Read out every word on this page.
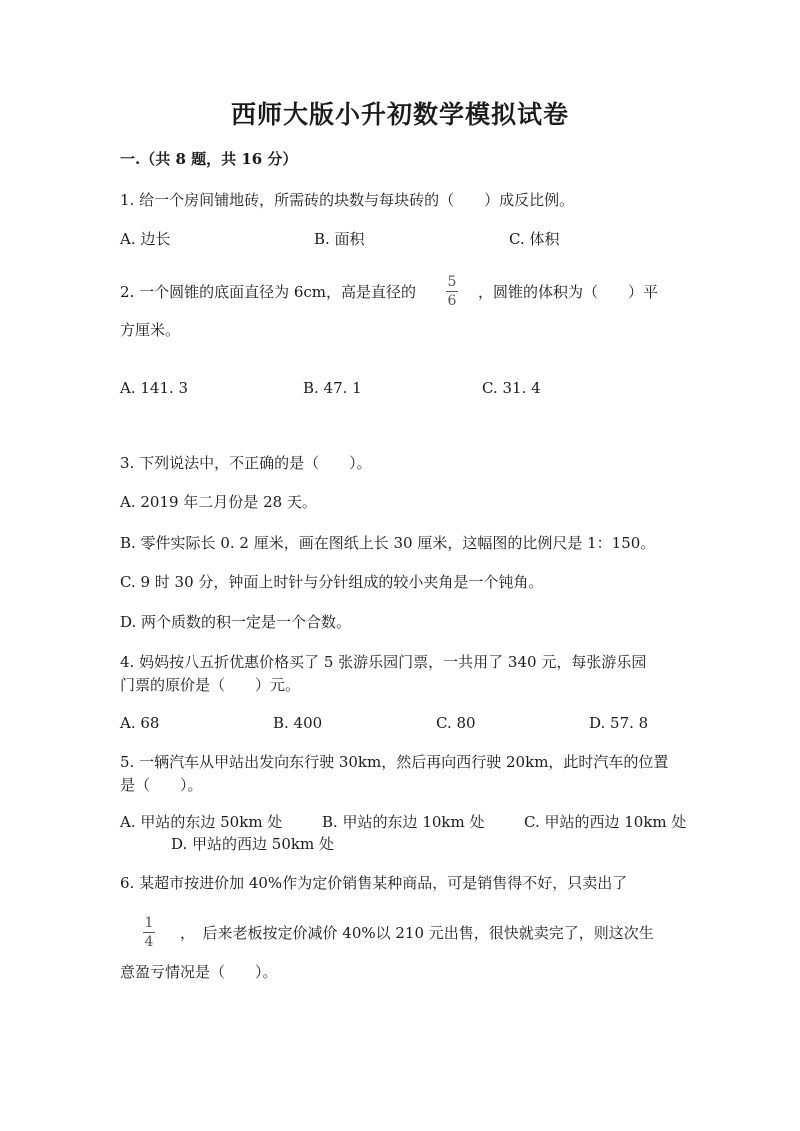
西师大版小升初数学模拟试卷
一.（共 8 题，共 16 分）
1. 给一个房间铺地砖，所需砖的块数与每块砖的（　　）成反比例。
A. 边长	B. 面积	C. 体积
2. 一个圆锥的底面直径为 6cm，高是直径的
5
6 ，圆锥的体积为（　　）平
方厘米。
A. 141. 3	B. 47. 1	C. 31. 4
3. 下列说法中，不正确的是（　　）。
A. 2019 年二月份是 28 天。
B. 零件实际长 0. 2 厘米，画在图纸上长 30 厘米，这幅图的比例尺是 1：150。
C. 9 时 30 分，钟面上时针与分针组成的较小夹角是一个钝角。
D. 两个质数的积一定是一个合数。
4. 妈妈按八五折优惠价格买了 5 张游乐园门票，一共用了 340 元，每张游乐园
门票的原价是（　　）元。
A. 68	B. 400	C. 80	D. 57. 8
5. 一辆汽车从甲站出发向东行驶 30km，然后再向西行驶 20km，此时汽车的位置
是（　　）。
A. 甲站的东边 50km 处	B. 甲站的东边 10km 处	C. 甲站的西边 10km 处
D. 甲站的西边 50km 处
6. 某超市按进价加 40%作为定价销售某种商品，可是销售得不好，只卖出了
1
4 ，　后来老板按定价减价 40%以 210 元出售，很快就卖完了，则这次生
意盈亏情况是（　　）。
